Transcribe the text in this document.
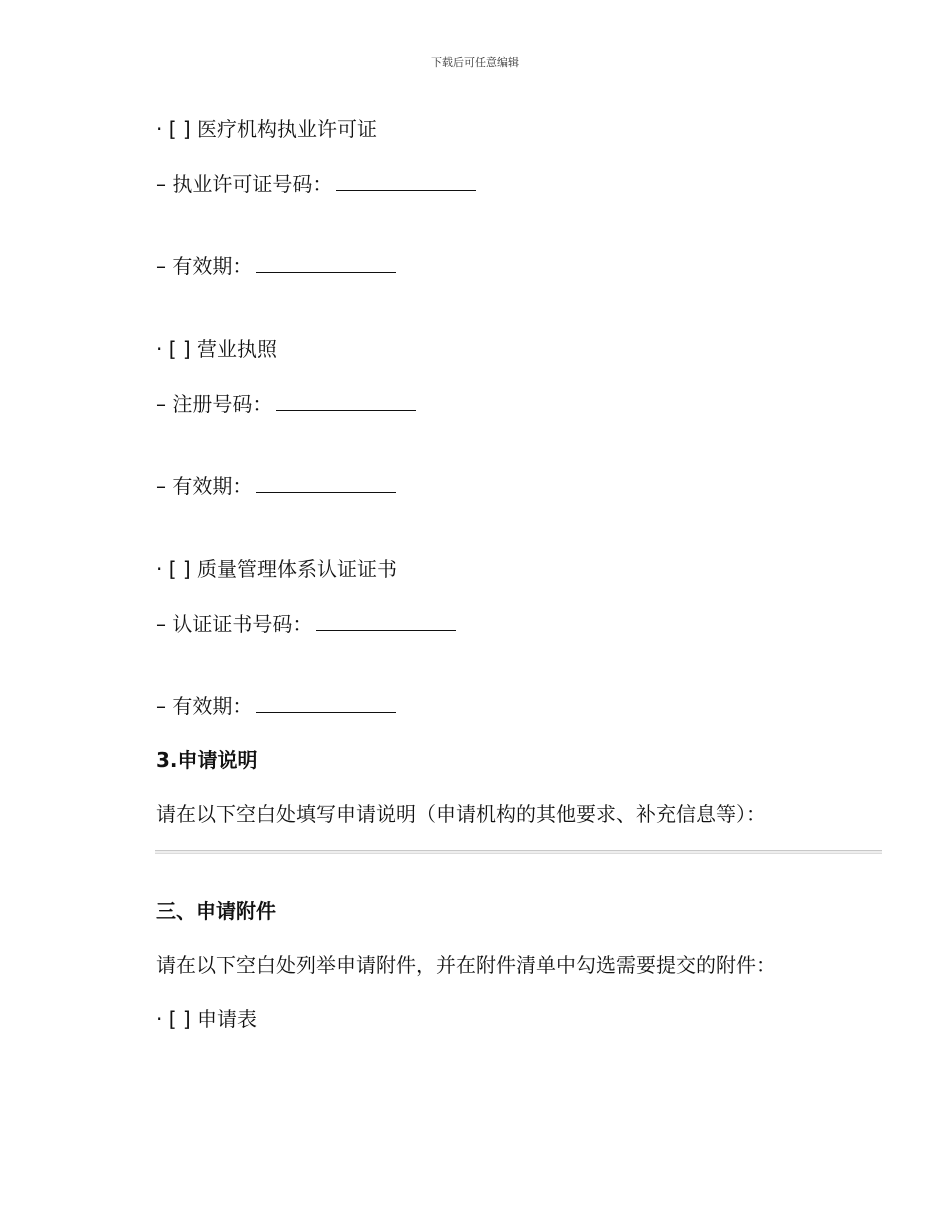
下载后可任意编辑
· [ ] 医疗机构执业许可证
– 执业许可证号码：
– 有效期：
· [ ] 营业执照
– 注册号码：
– 有效期：
· [ ] 质量管理体系认证证书
– 认证证书号码：
– 有效期：
3.申请说明
请在以下空白处填写申请说明（申请机构的其他要求、补充信息等）：
三、申请附件
请在以下空白处列举申请附件，并在附件清单中勾选需要提交的附件：
· [ ] 申请表
